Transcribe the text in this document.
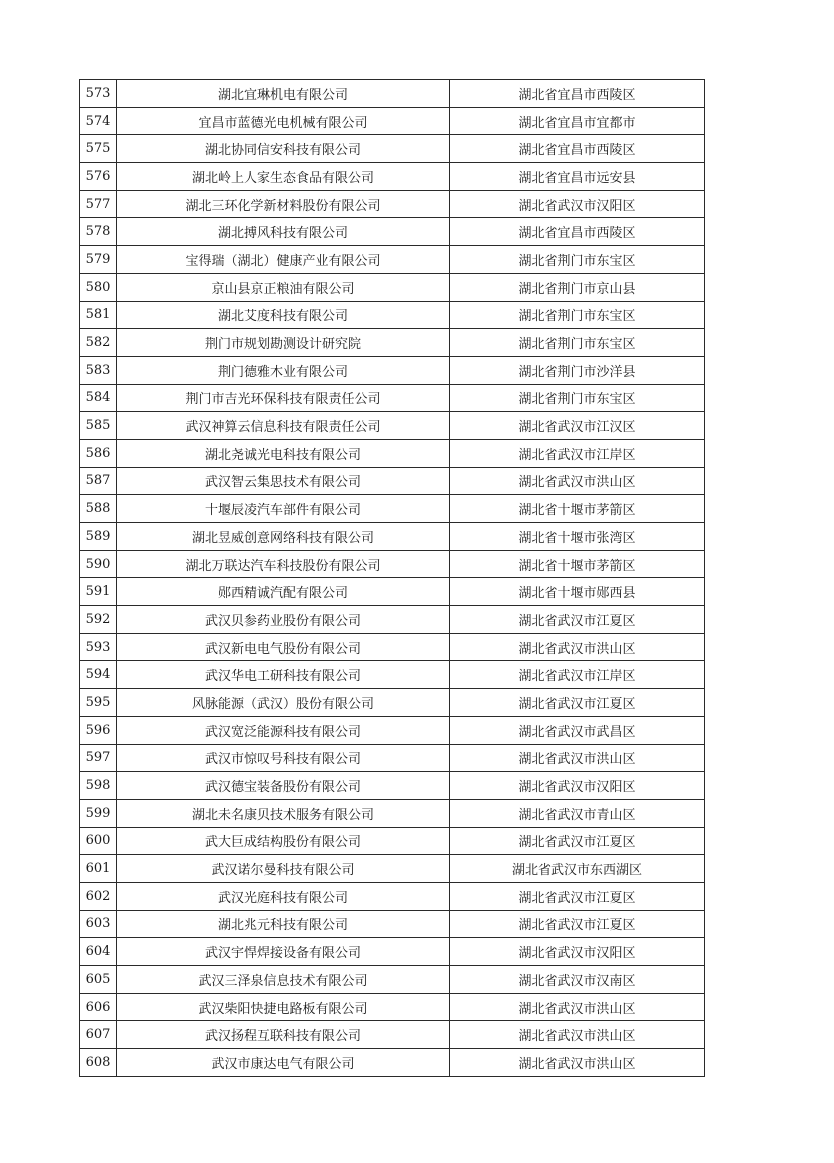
573	湖北宜琳机电有限公司	湖北省宜昌市西陵区
574	宜昌市蓝德光电机械有限公司	湖北省宜昌市宜都市
575	湖北协同信安科技有限公司	湖北省宜昌市西陵区
576	湖北岭上人家生态食品有限公司	湖北省宜昌市远安县
577	湖北三环化学新材料股份有限公司	湖北省武汉市汉阳区
578	湖北搏风科技有限公司	湖北省宜昌市西陵区
579	宝得瑞（湖北）健康产业有限公司	湖北省荆门市东宝区
580	京山县京正粮油有限公司	湖北省荆门市京山县
581	湖北艾度科技有限公司	湖北省荆门市东宝区
582	荆门市规划勘测设计研究院	湖北省荆门市东宝区
583	荆门德雅木业有限公司	湖北省荆门市沙洋县
584	荆门市吉光环保科技有限责任公司	湖北省荆门市东宝区
585	武汉神算云信息科技有限责任公司	湖北省武汉市江汉区
586	湖北尧诚光电科技有限公司	湖北省武汉市江岸区
587	武汉智云集思技术有限公司	湖北省武汉市洪山区
588	十堰辰凌汽车部件有限公司	湖北省十堰市茅箭区
589	湖北昱威创意网络科技有限公司	湖北省十堰市张湾区
590	湖北万联达汽车科技股份有限公司	湖北省十堰市茅箭区
591	郧西精诚汽配有限公司	湖北省十堰市郧西县
592	武汉贝参药业股份有限公司	湖北省武汉市江夏区
593	武汉新电电气股份有限公司	湖北省武汉市洪山区
594	武汉华电工研科技有限公司	湖北省武汉市江岸区
595	风脉能源（武汉）股份有限公司	湖北省武汉市江夏区
596	武汉宽泛能源科技有限公司	湖北省武汉市武昌区
597	武汉市惊叹号科技有限公司	湖北省武汉市洪山区
598	武汉德宝装备股份有限公司	湖北省武汉市汉阳区
599	湖北未名康贝技术服务有限公司	湖北省武汉市青山区
600	武大巨成结构股份有限公司	湖北省武汉市江夏区
601	武汉诺尔曼科技有限公司	湖北省武汉市东西湖区
602	武汉光庭科技有限公司	湖北省武汉市江夏区
603	湖北兆元科技有限公司	湖北省武汉市江夏区
604	武汉宇悍焊接设备有限公司	湖北省武汉市汉阳区
605	武汉三泽泉信息技术有限公司	湖北省武汉市汉南区
606	武汉柴阳快捷电路板有限公司	湖北省武汉市洪山区
607	武汉扬程互联科技有限公司	湖北省武汉市洪山区
608	武汉市康达电气有限公司	湖北省武汉市洪山区
